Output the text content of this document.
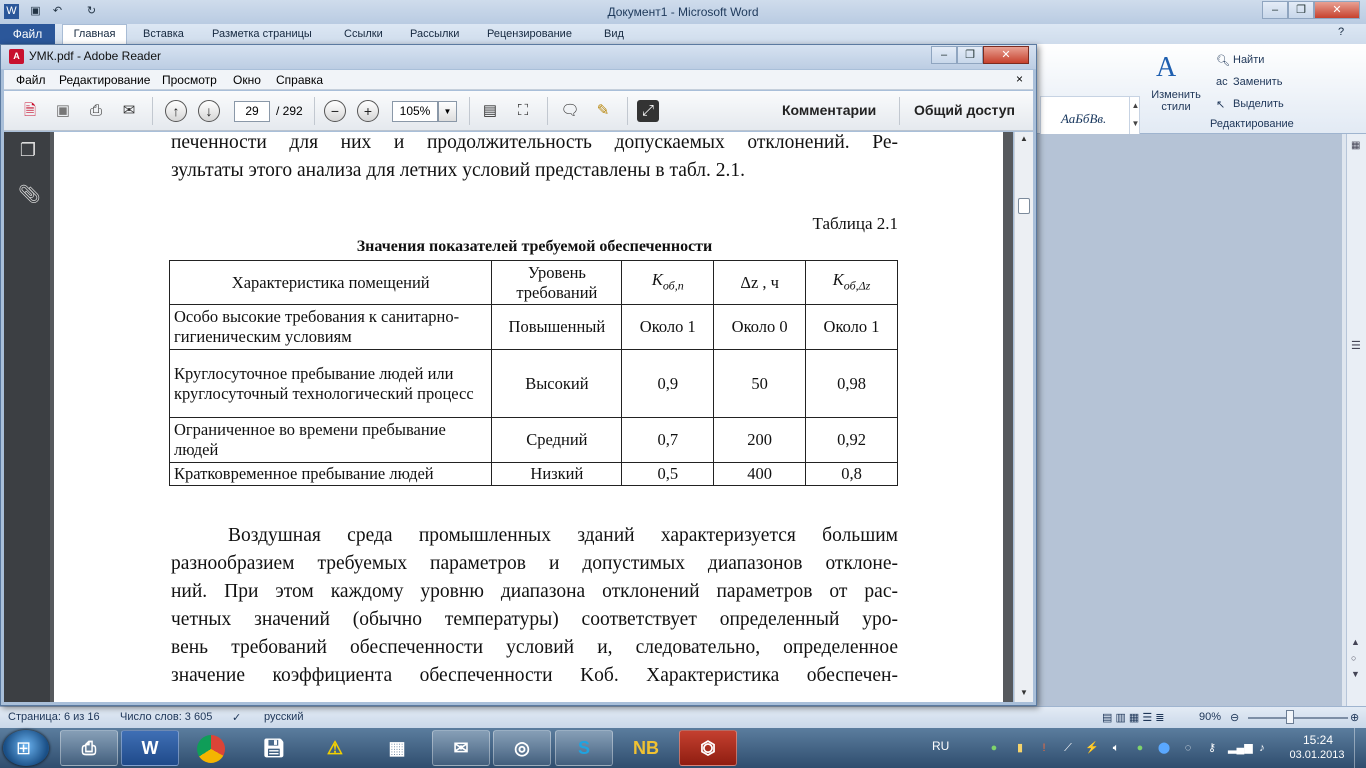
W ▣ ↶ ↻	Документ1 - Microsoft Word	–	❐	✕
Вставка	Разметка страницы	Ссылки Рассылки	Рецензирование	Вид	?
Файл	Главная
АаБбВв.
▲
▼

A
Изменить стили
🔍︎ Найти
ac Заменить
↖ Выделить
Редактирование
▦
☰
▲
○
▼
Страница: 6 из 16 Число слов: 3 605 ✓ русский	▤ ▥ ▦ ☰ ≣	90% ⊖	⊕
A УМК.pdf - Adobe Reader	–	❐	✕
Файл Редактирование Просмотр Окно Справка	×
🗎︎	▣	⎙	✉	↑	↓	29	/ 292	−	+	105%	▼	▤	⛶	🗨︎	✎	⤢	Комментарии	Общий доступ
❐
📎︎
печенности для них и продолжительность допускаемых отклонений. Ре-
зультаты этого анализа для летних условий представлены в табл. 2.1.
Таблица 2.1
Значения показателей требуемой обеспеченности
Характеристика помещений	Уровень требований	$K_{об,п}$	Δz , ч	$K_{об,\Delta z}$
Особо высокие требования к санитарно-гигиеническим условиям	Повышенный	Около 1	Около 0	Около 1
Круглосуточное пребывание людей или круглосуточный технологический процесс	Высокий	0,9	50	0,98
Ограниченное во времени пребывание людей	Средний	0,7	200	0,92
Кратковременное пребывание людей	Низкий	0,5	400	0,8
Воздушная среда промышленных зданий характеризуется большим
разнообразием требуемых параметров и допустимых диапазонов отклоне-
ний. При этом каждому уровню диапазона отклонений параметров от рас-
четных значений (обычно температуры) соответствует определенный уро-
вень требований обеспеченности условий и, следовательно, определенное
значение коэффициента обеспеченности Kоб. Характеристика обеспечен-
▲
▼
⊞	⎙	W	💾︎	⚠	▦	✉	◎	S	NB	⏣	RU	●	▮	!	⟋	⚡	🔈︎	●	⬤	◌	⚷	▂▄▆ ♪
15:24
03.01.2013
